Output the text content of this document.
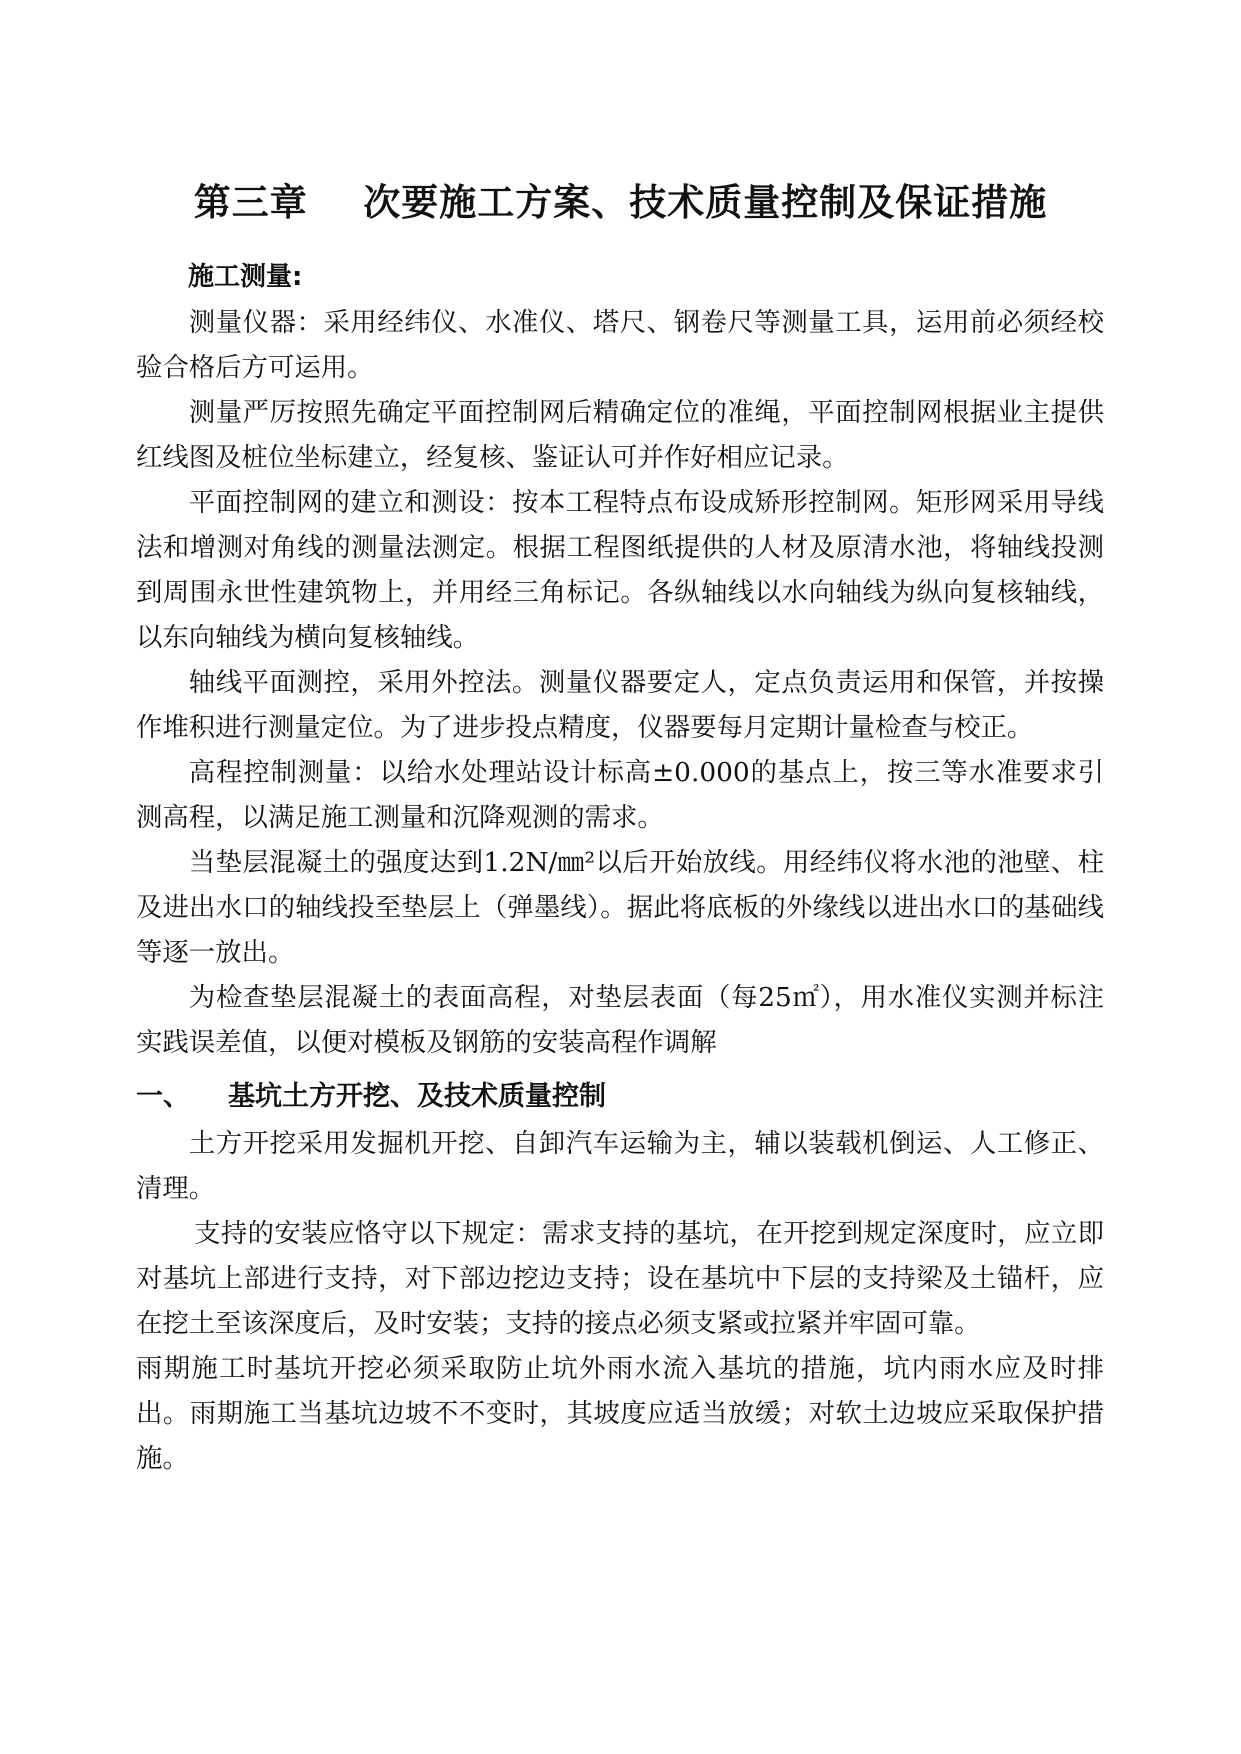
第三章    次要施工方案、技术质量控制及保证措施

施工测量:

测量仪器：采用经纬仪、水准仪、塔尺、钢卷尺等测量工具，运用前必须经校验合格后方可运用。

测量严厉按照先确定平面控制网后精确定位的准绳，平面控制网根据业主提供红线图及桩位坐标建立，经复核、鉴证认可并作好相应记录。

平面控制网的建立和测设：按本工程特点布设成矫形控制网。矩形网采用导线法和增测对角线的测量法测定。根据工程图纸提供的人材及原清水池，将轴线投测到周围永世性建筑物上，并用经三角标记。各纵轴线以水向轴线为纵向复核轴线，以东向轴线为横向复核轴线。

轴线平面测控，采用外控法。测量仪器要定人，定点负责运用和保管，并按操作堆积进行测量定位。为了进步投点精度，仪器要每月定期计量检查与校正。

高程控制测量：以给水处理站设计标高±0.000的基点上，按三等水准要求引测高程，以满足施工测量和沉降观测的需求。

当垫层混凝土的强度达到1.2N/㎜²以后开始放线。用经纬仪将水池的池壁、柱及进出水口的轴线投至垫层上（弹墨线）。据此将底板的外缘线以进出水口的基础线等逐一放出。

为检查垫层混凝土的表面高程，对垫层表面（每25㎡），用水准仪实测并标注实践误差值，以便对模板及钢筋的安装高程作调解

一、 基坑土方开挖、及技术质量控制

土方开挖采用发掘机开挖、自卸汽车运输为主，辅以装载机倒运、人工修正、清理。

支持的安装应恪守以下规定：需求支持的基坑，在开挖到规定深度时，应立即对基坑上部进行支持，对下部边挖边支持；设在基坑中下层的支持梁及土锚杆，应在挖土至该深度后，及时安装；支持的接点必须支紧或拉紧并牢固可靠。

雨期施工时基坑开挖必须采取防止坑外雨水流入基坑的措施，坑内雨水应及时排出。雨期施工当基坑边坡不不变时，其坡度应适当放缓；对软土边坡应采取保护措施。
